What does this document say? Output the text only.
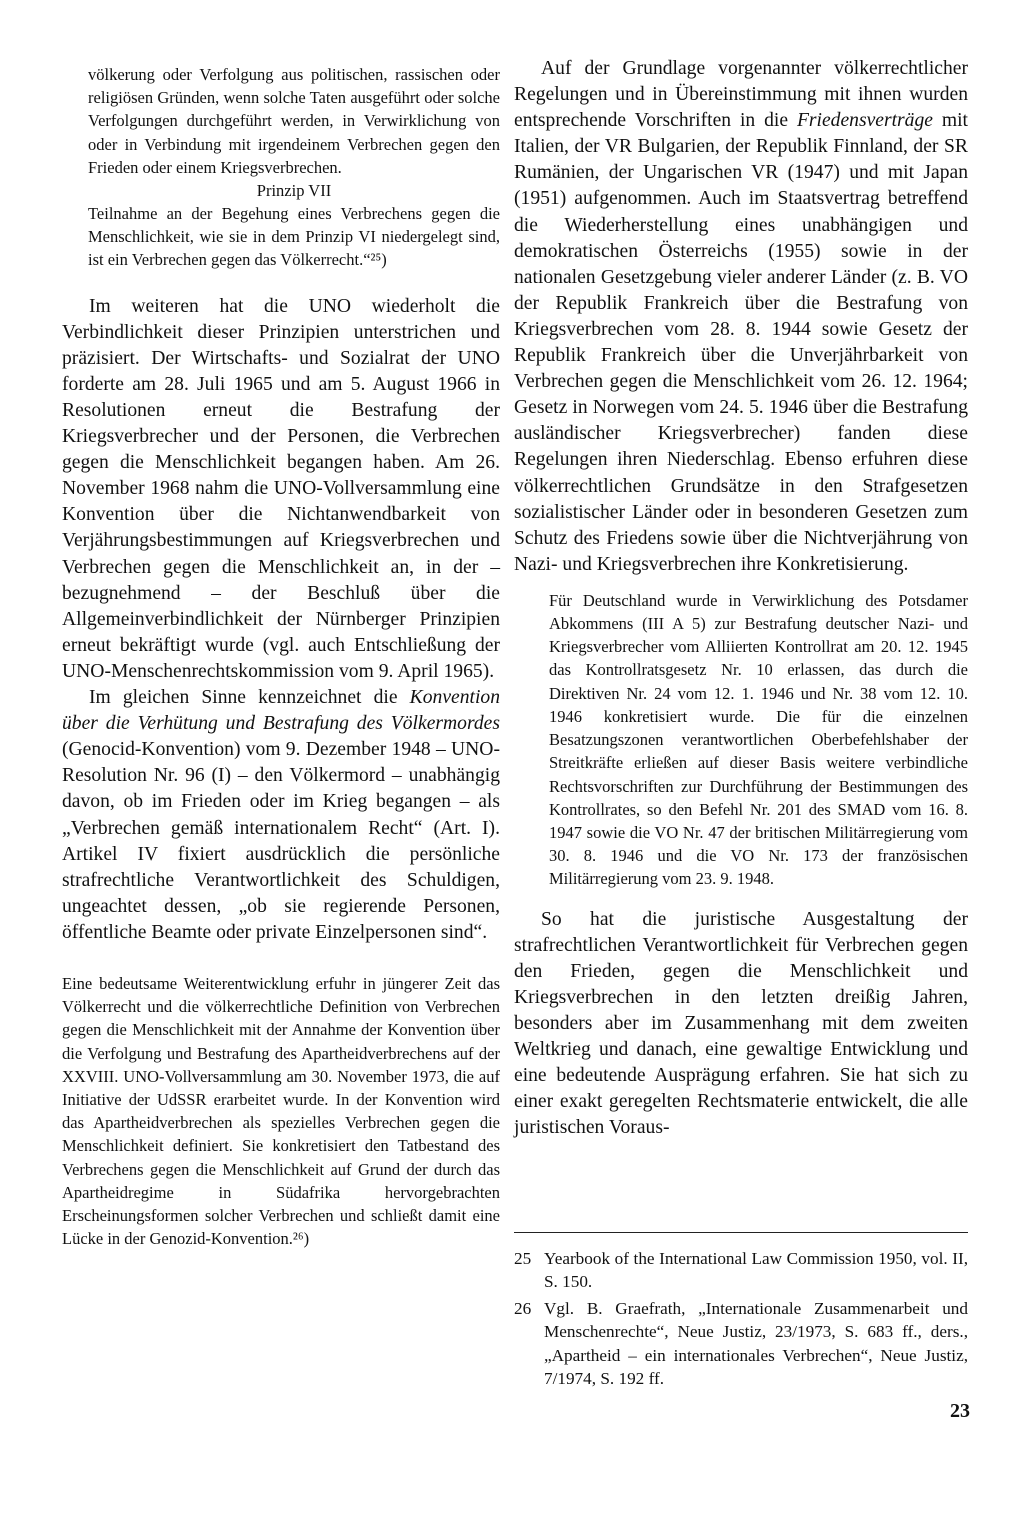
völkerung oder Verfolgung aus politischen, rassischen oder religiösen Gründen, wenn solche Taten ausgeführt oder solche Verfolgungen durchgeführt werden, in Verwirklichung von oder in Verbindung mit irgendeinem Verbrechen gegen den Frieden oder einem Kriegsverbrechen.

Prinzip VII

Teilnahme an der Begehung eines Verbrechens gegen die Menschlichkeit, wie sie in dem Prinzip VI niedergelegt sind, ist ein Verbrechen gegen das Völkerrecht.“²⁵)

Im weiteren hat die UNO wiederholt die Verbindlichkeit dieser Prinzipien unterstrichen und präzisiert. Der Wirtschafts- und Sozialrat der UNO forderte am 28. Juli 1965 und am 5. August 1966 in Resolutionen erneut die Bestrafung der Kriegsverbrecher und der Personen, die Verbrechen gegen die Menschlichkeit begangen haben. Am 26. November 1968 nahm die UNO-Vollversammlung eine Konvention über die Nichtanwendbarkeit von Verjährungsbestimmungen auf Kriegsverbrechen und Verbrechen gegen die Menschlichkeit an, in der – bezugnehmend – der Beschluß über die Allgemeinverbindlichkeit der Nürnberger Prinzipien erneut bekräftigt wurde (vgl. auch Entschließung der UNO-Menschenrechtskommission vom 9. April 1965).

Im gleichen Sinne kennzeichnet die Konvention über die Verhütung und Bestrafung des Völkermordes (Genocid-Konvention) vom 9. Dezember 1948 – UNO-Resolution Nr. 96 (I) – den Völkermord – unabhängig davon, ob im Frieden oder im Krieg begangen – als „Verbrechen gemäß internationalem Recht“ (Art. I). Artikel IV fixiert ausdrücklich die persönliche strafrechtliche Verantwortlichkeit des Schuldigen, ungeachtet dessen, „ob sie regierende Personen, öffentliche Beamte oder private Einzelpersonen sind“.

Eine bedeutsame Weiterentwicklung erfuhr in jüngerer Zeit das Völkerrecht und die völkerrechtliche Definition von Verbrechen gegen die Menschlichkeit mit der Annahme der Konvention über die Verfolgung und Bestrafung des Apartheidverbrechens auf der XXVIII. UNO-Vollversammlung am 30. November 1973, die auf Initiative der UdSSR erarbeitet wurde. In der Konvention wird das Apartheidverbrechen als spezielles Verbrechen gegen die Menschlichkeit definiert. Sie konkretisiert den Tatbestand des Verbrechens gegen die Menschlichkeit auf Grund der durch das Apartheidregime in Südafrika hervorgebrachten Erscheinungsformen solcher Verbrechen und schließt damit eine Lücke in der Genozid-Konvention.²⁶)

Auf der Grundlage vorgenannter völkerrechtlicher Regelungen und in Übereinstimmung mit ihnen wurden entsprechende Vorschriften in die Friedensverträge mit Italien, der VR Bulgarien, der Republik Finnland, der SR Rumänien, der Ungarischen VR (1947) und mit Japan (1951) aufgenommen. Auch im Staatsvertrag betreffend die Wiederherstellung eines unabhängigen und demokratischen Österreichs (1955) sowie in der nationalen Gesetzgebung vieler anderer Länder (z. B. VO der Republik Frankreich über die Bestrafung von Kriegsverbrechen vom 28. 8. 1944 sowie Gesetz der Republik Frankreich über die Unverjährbarkeit von Verbrechen gegen die Menschlichkeit vom 26. 12. 1964; Gesetz in Norwegen vom 24. 5. 1946 über die Bestrafung ausländischer Kriegsverbrecher) fanden diese Regelungen ihren Niederschlag. Ebenso erfuhren diese völkerrechtlichen Grundsätze in den Strafgesetzen sozialistischer Länder oder in besonderen Gesetzen zum Schutz des Friedens sowie über die Nichtverjährung von Nazi- und Kriegsverbrechen ihre Konkretisierung.

Für Deutschland wurde in Verwirklichung des Potsdamer Abkommens (III A 5) zur Bestrafung deutscher Nazi- und Kriegsverbrecher vom Alliierten Kontrollrat am 20. 12. 1945 das Kontrollratsgesetz Nr. 10 erlassen, das durch die Direktiven Nr. 24 vom 12. 1. 1946 und Nr. 38 vom 12. 10. 1946 konkretisiert wurde. Die für die einzelnen Besatzungszonen verantwortlichen Oberbefehlshaber der Streitkräfte erließen auf dieser Basis weitere verbindliche Rechtsvorschriften zur Durchführung der Bestimmungen des Kontrollrates, so den Befehl Nr. 201 des SMAD vom 16. 8. 1947 sowie die VO Nr. 47 der britischen Militärregierung vom 30. 8. 1946 und die VO Nr. 173 der französischen Militärregierung vom 23. 9. 1948.

So hat die juristische Ausgestaltung der strafrechtlichen Verantwortlichkeit für Verbrechen gegen den Frieden, gegen die Menschlichkeit und Kriegsverbrechen in den letzten dreißig Jahren, besonders aber im Zusammenhang mit dem zweiten Weltkrieg und danach, eine gewaltige Entwicklung und eine bedeutende Ausprägung erfahren. Sie hat sich zu einer exakt geregelten Rechtsmaterie entwickelt, die alle juristischen Voraus-

25 Yearbook of the International Law Commission 1950, vol. II, S. 150.
26 Vgl. B. Graefrath, „Internationale Zusammenarbeit und Menschenrechte“, Neue Justiz, 23/1973, S. 683 ff., ders., „Apartheid – ein internationales Verbrechen“, Neue Justiz, 7/1974, S. 192 ff.
23
